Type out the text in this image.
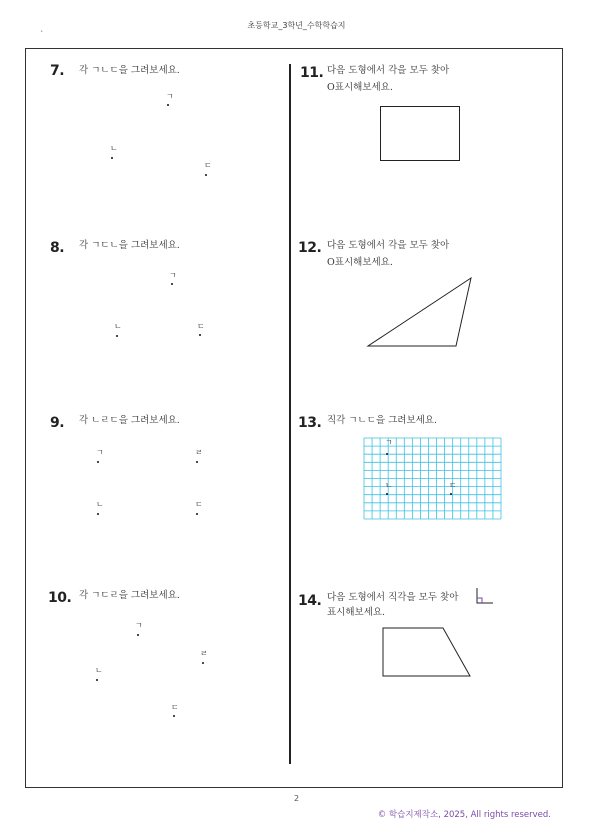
초등학교_3학년_수학학습지
`
7. 각 ㄱㄴㄷ을 그려보세요.
ㄱ
ㄴ
ㄷ
8. 각 ㄱㄷㄴ을 그려보세요.
ㄱ
ㄴ	ㄷ
9. 각 ㄴㄹㄷ을 그려보세요.
ㄱ	ㄹ
ㄴ	ㄷ
10. 각 ㄱㄷㄹ을 그려보세요.
ㄱ
ㄹ
ㄴ
ㄷ
11. 다음 도형에서 각을 모두 찾아
O표시해보세요.
12. 다음 도형에서 각을 모두 찾아
O표시해보세요.
13. 직각 ㄱㄴㄷ을 그려보세요.
ㄱ
ㄴ	ㄷ
14. 다음 도형에서 직각을 모두 찾아
표시해보세요.
2
© 학습지제작소, 2025, All rights reserved.
